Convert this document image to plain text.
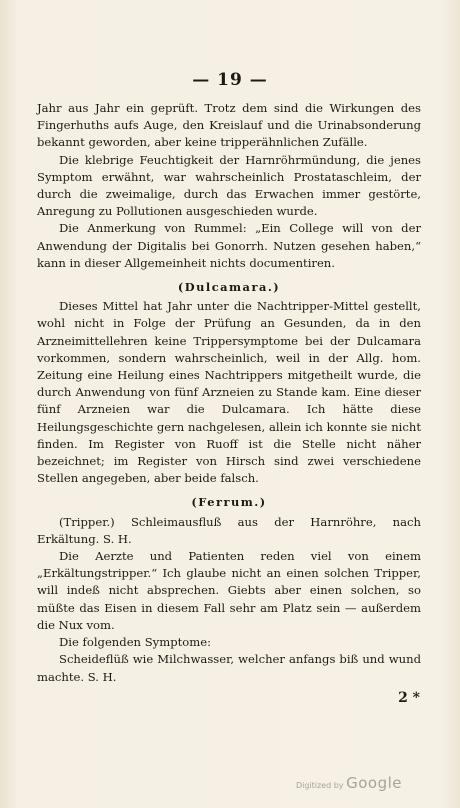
— 19 —

Jahr aus Jahr ein geprüft. Trotz dem sind die Wirkungen des Fingerhuths aufs Auge, den Kreislauf und die Urinabsonderung bekannt geworden, aber keine tripperähnlichen Zufälle.

Die klebrige Feuchtigkeit der Harnröhrmündung, die jenes Symptom erwähnt, war wahrscheinlich Prostataschleim, der durch die zweimalige, durch das Erwachen immer gestörte, Anregung zu Pollutionen ausgeschieden wurde.

Die Anmerkung von Rummel: „Ein College will von der Anwendung der Digitalis bei Gonorrh. Nutzen gesehen haben,“ kann in dieser Allgemeinheit nichts documentiren.

(Dulcamara.)

Dieses Mittel hat Jahr unter die Nachtripper-Mittel gestellt, wohl nicht in Folge der Prüfung an Gesunden, da in den Arzneimittellehren keine Trippersymptome bei der Dulcamara vorkommen, sondern wahrscheinlich, weil in der Allg. hom. Zeitung eine Heilung eines Nachtrippers mitgetheilt wurde, die durch Anwendung von fünf Arzneien zu Stande kam. Eine dieser fünf Arzneien war die Dulcamara. Ich hätte diese Heilungsgeschichte gern nachgelesen, allein ich konnte sie nicht finden. Im Register von Ruoff ist die Stelle nicht näher bezeichnet; im Register von Hirsch sind zwei verschiedene Stellen angegeben, aber beide falsch.

(Ferrum.)

(Tripper.) Schleimausfluß aus der Harnröhre, nach Erkältung. S. H.

Die Aerzte und Patienten reden viel von einem „Erkältungstripper.“ Ich glaube nicht an einen solchen Tripper, will indeß nicht absprechen. Giebts aber einen solchen, so müßte das Eisen in diesem Fall sehr am Platz sein — außerdem die Nux vom.

Die folgenden Symptome:

Scheideflüß wie Milchwasser, welcher anfangs biß und wund machte. S. H.

2 *
Digitized by Google
